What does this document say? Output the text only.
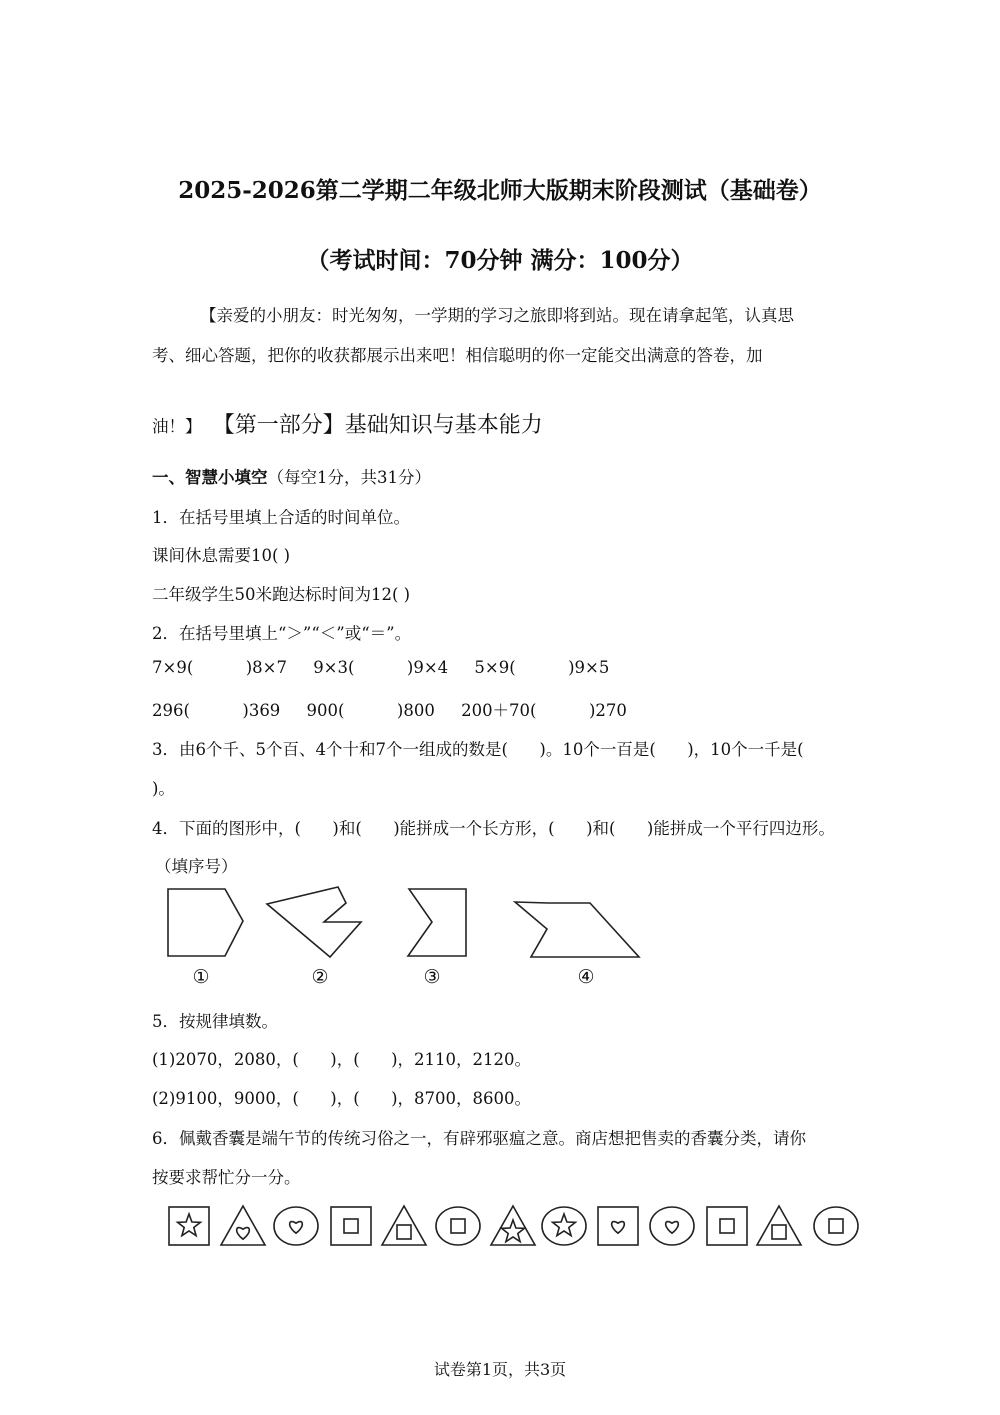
2025-2026第二学期二年级北师大版期末阶段测试（基础卷）
（考试时间：70分钟 满分：100分）
【亲爱的小朋友：时光匆匆，一学期的学习之旅即将到站。现在请拿起笔，认真思
考、细心答题，把你的收获都展示出来吧！相信聪明的你一定能交出满意的答卷，加
油！】 【第一部分】基础知识与基本能力
一、智慧小填空（每空1分，共31分）
1．在括号里填上合适的时间单位。
课间休息需要10( )
二年级学生50米跑达标时间为12( )
2．在括号里填上“＞”“＜”或“＝”。
7×9(          )8×7     9×3(          )9×4     5×9(          )9×5
296(          )369     900(          )800     200＋70(          )270
3．由6个千、5个百、4个十和7个一组成的数是(      )。10个一百是(      )，10个一千是(
)。
4．下面的图形中，(      )和(      )能拼成一个长方形，(      )和(      )能拼成一个平行四边形。
（填序号）
①	②	③	④
5．按规律填数。
(1)2070，2080，(      )，(      )，2110，2120。
(2)9100，9000，(      )，(      )，8700，8600。
6．佩戴香囊是端午节的传统习俗之一，有辟邪驱瘟之意。商店想把售卖的香囊分类，请你
按要求帮忙分一分。
试卷第1页，共3页
